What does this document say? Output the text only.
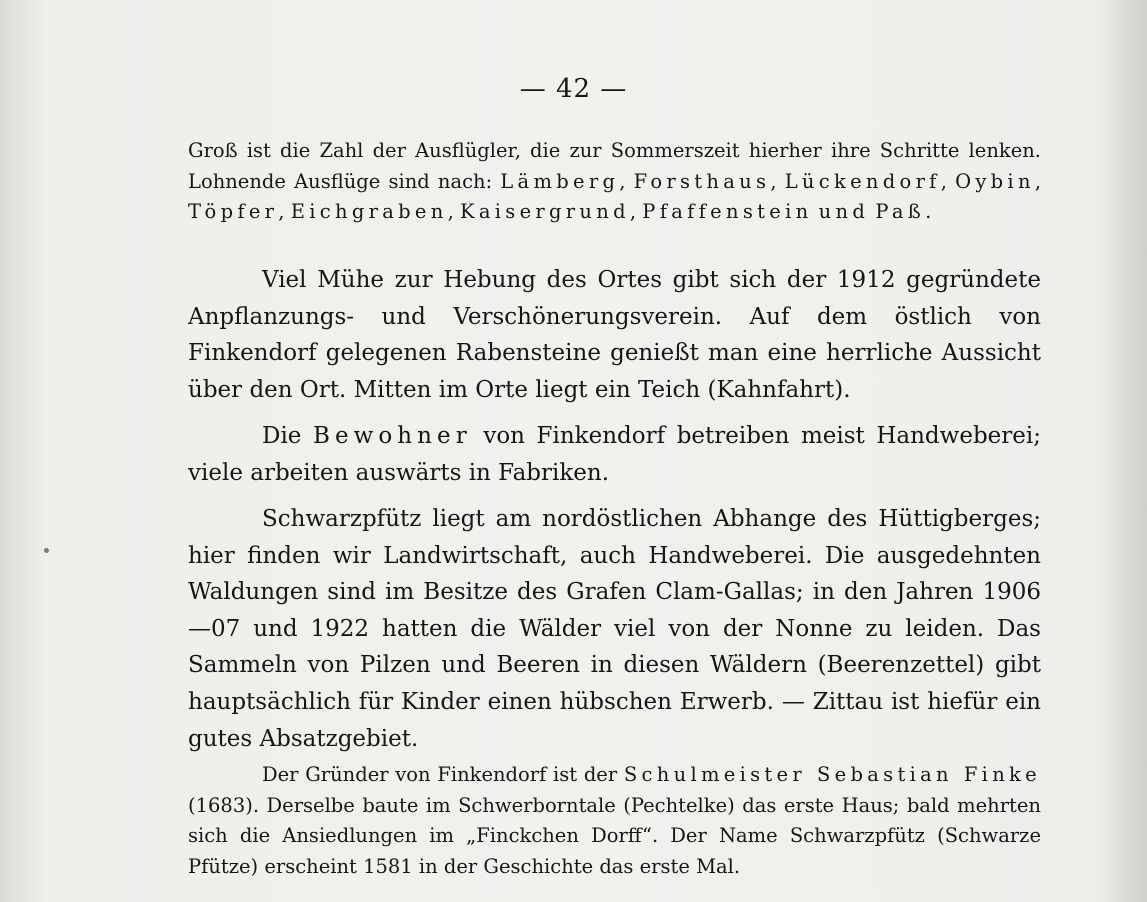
— 42 —

Groß ist die Zahl der Ausflügler, die zur Sommerszeit hierher ihre Schritte lenken. Lohnende Ausflüge sind nach: Lämberg, Forsthaus, Lückendorf, Oybin, Töpfer, Eichgraben, Kaisergrund, Pfaffenstein und Paß.

Viel Mühe zur Hebung des Ortes gibt sich der 1912 gegründete Anpflanzungs- und Verschönerungsverein. Auf dem östlich von Finkendorf gelegenen Rabensteine genießt man eine herrliche Aussicht über den Ort. Mitten im Orte liegt ein Teich (Kahnfahrt).

Die Bewohner von Finkendorf betreiben meist Handweberei; viele arbeiten auswärts in Fabriken.

Schwarzpfütz liegt am nordöstlichen Abhange des Hüttigberges; hier finden wir Landwirtschaft, auch Handweberei. Die ausgedehnten Waldungen sind im Besitze des Grafen Clam-Gallas; in den Jahren 1906—07 und 1922 hatten die Wälder viel von der Nonne zu leiden. Das Sammeln von Pilzen und Beeren in diesen Wäldern (Beerenzettel) gibt hauptsächlich für Kinder einen hübschen Erwerb. — Zittau ist hiefür ein gutes Absatzgebiet.

Der Gründer von Finkendorf ist der Schulmeister Sebastian Finke (1683). Derselbe baute im Schwerborntale (Pechtelke) das erste Haus; bald mehrten sich die Ansiedlungen im „Finckchen Dorff“. Der Name Schwarzpfütz (Schwarze Pfütze) erscheint 1581 in der Geschichte das erste Mal.
